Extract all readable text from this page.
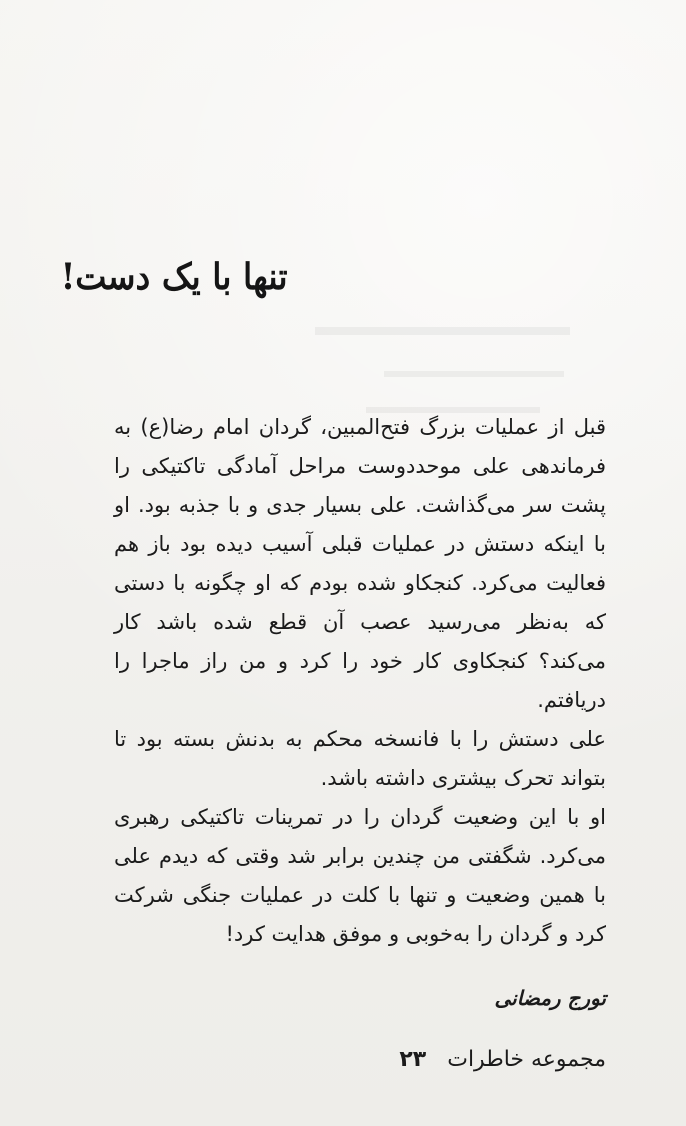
تنها با یک دست!

قبل از عملیات بزرگ فتح‌المبین، گردان امام رضا(ع) به فرماندهی علی موحددوست مراحل آمادگی تاکتیکی را پشت سر می‌گذاشت. علی بسیار جدی و با جذبه بود. او با اینکه دستش در عملیات قبلی آسیب دیده بود باز هم فعالیت می‌کرد. کنجکاو شده بودم که او چگونه با دستی که به‌نظر می‌رسید عصب آن قطع شده باشد کار می‌کند؟ کنجکاوی کار خود را کرد و من راز ماجرا را دریافتم.

علی دستش را با فانسخه محکم به بدنش بسته بود تا بتواند تحرک بیشتری داشته باشد.

او با این وضعیت گردان را در تمرینات تاکتیکی رهبری می‌کرد. شگفتی من چندین برابر شد وقتی که دیدم علی با همین وضعیت و تنها با کلت در عملیات جنگی شرکت کرد و گردان را به‌خوبی و موفق هدایت کرد!

تورج رمضانی
مجموعه خاطرات ۲۳
